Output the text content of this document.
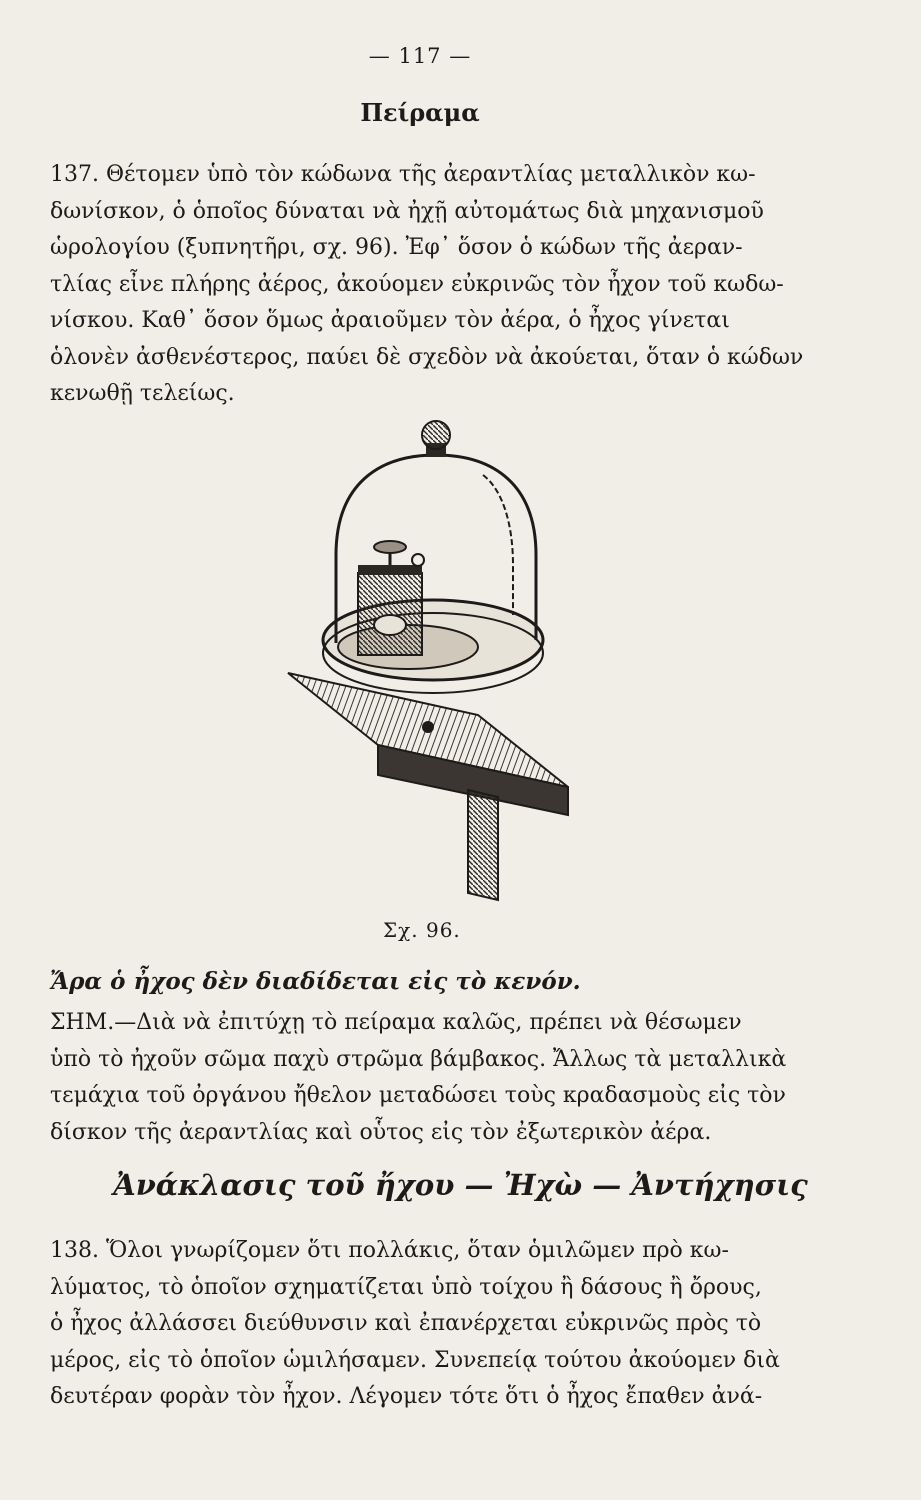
— 117 —
Πείραμα
137. Θέτομεν ὑπὸ τὸν κώδωνα τῆς ἀεραντλίας μεταλλικὸν κω-
δωνίσκον, ὁ ὁποῖος δύναται νὰ ἠχῇ αὐτομάτως διὰ μηχανισμοῦ
ὡρολογίου (ξυπνητῆρι, σχ. 96). Ἐφ᾿ ὅσον ὁ κώδων τῆς ἀεραν-
τλίας εἶνε πλήρης ἀέρος, ἀκούομεν εὐκρινῶς τὸν ἦχον τοῦ κωδω-
νίσκου. Καθ᾿ ὅσον ὅμως ἀραιοῦμεν τὸν ἀέρα, ὁ ἦχος γίνεται
ὁλονὲν ἀσθενέστερος, παύει δὲ σχεδὸν νὰ ἀκούεται, ὅταν ὁ κώδων
κενωθῇ τελείως.
Σχ. 96.
Ἄρα ὁ ἦχος δὲν διαδίδεται εἰς τὸ κενόν.
ΣΗΜ.—Διὰ νὰ ἐπιτύχῃ τὸ πείραμα καλῶς, πρέπει νὰ θέσωμεν
ὑπὸ τὸ ἠχοῦν σῶμα παχὺ στρῶμα βάμβακος. Ἄλλως τὰ μεταλλικὰ
τεμάχια τοῦ ὀργάνου ἤθελον μεταδώσει τοὺς κραδασμοὺς εἰς τὸν
δίσκον τῆς ἀεραντλίας καὶ οὗτος εἰς τὸν ἐξωτερικὸν ἀέρα.
Ἀνάκλασις τοῦ ἤχου — Ἠχὼ — Ἀντήχησις
138. Ὅλοι γνωρίζομεν ὅτι πολλάκις, ὅταν ὁμιλῶμεν πρὸ κω-
λύματος, τὸ ὁποῖον σχηματίζεται ὑπὸ τοίχου ἢ δάσους ἢ ὄρους,
ὁ ἦχος ἀλλάσσει διεύθυνσιν καὶ ἐπανέρχεται εὐκρινῶς πρὸς τὸ
μέρος, εἰς τὸ ὁποῖον ὡμιλήσαμεν. Συνεπείᾳ τούτου ἀκούομεν διὰ
δευτέραν φορὰν τὸν ἦχον. Λέγομεν τότε ὅτι ὁ ἦχος ἔπαθεν ἀνά-
